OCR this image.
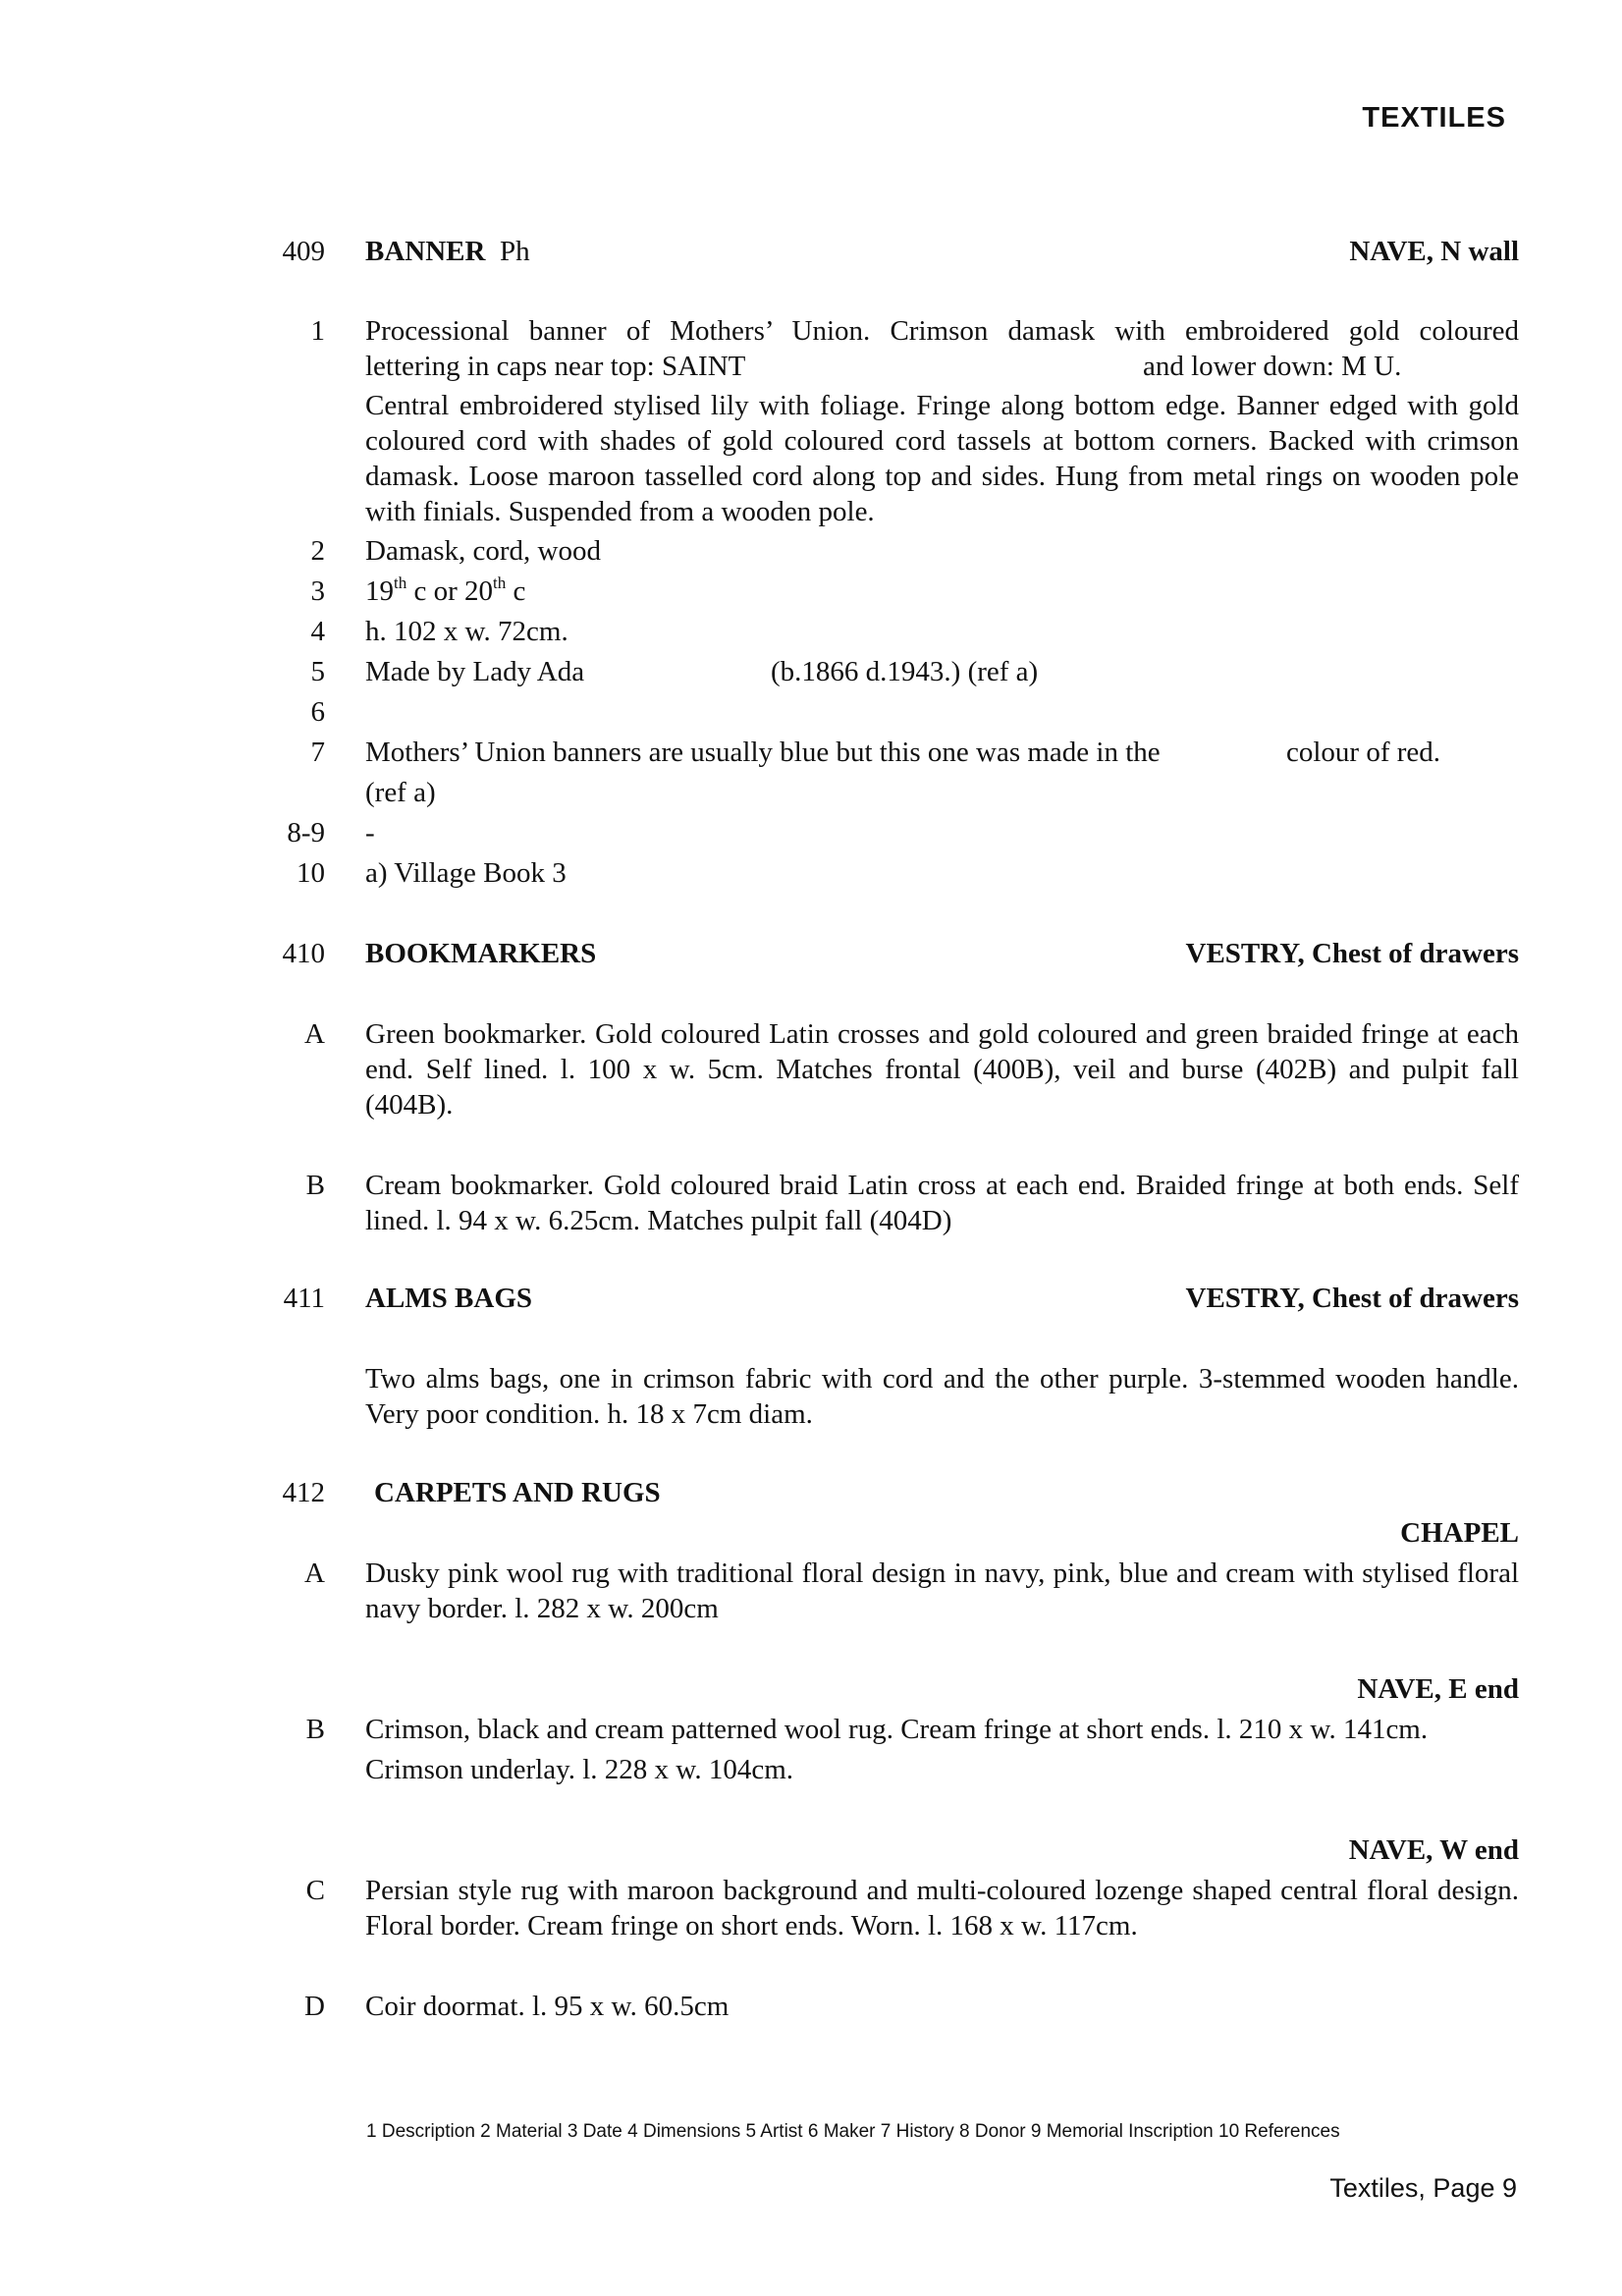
TEXTILES
409 BANNER Ph	NAVE, N wall
1 Processional banner of Mothers’ Union. Crimson damask with embroidered gold coloured
lettering in caps near top: SAINT	and lower down: M U.
Central embroidered stylised lily with foliage. Fringe along bottom edge. Banner edged with gold coloured cord with shades of gold coloured cord tassels at bottom corners. Backed with crimson damask. Loose maroon tasselled cord along top and sides. Hung from metal rings on wooden pole with finials. Suspended from a wooden pole.
2 Damask, cord, wood
3 19th c or 20th c
4 h. 102 x w. 72cm.
5 Made by Lady Ada	(b.1866 d.1943.) (ref a)
6
7 Mothers’ Union banners are usually blue but this one was made in the	colour of red.
(ref a)
8-9 -
10 a) Village Book 3
410 BOOKMARKERS	VESTRY, Chest of drawers
A Green bookmarker. Gold coloured Latin crosses and gold coloured and green braided fringe at each end. Self lined. l. 100 x w. 5cm. Matches frontal (400B), veil and burse (402B) and pulpit fall (404B).
B Cream bookmarker. Gold coloured braid Latin cross at each end. Braided fringe at both ends. Self lined. l. 94 x w. 6.25cm. Matches pulpit fall (404D)
411 ALMS BAGS	VESTRY, Chest of drawers
Two alms bags, one in crimson fabric with cord and the other purple. 3-stemmed wooden handle. Very poor condition. h. 18 x 7cm diam.
412 CARPETS AND RUGS
CHAPEL
A Dusky pink wool rug with traditional floral design in navy, pink, blue and cream with stylised floral navy border. l. 282 x w. 200cm
NAVE, E end
B Crimson, black and cream patterned wool rug. Cream fringe at short ends. l. 210 x w. 141cm.
Crimson underlay. l. 228 x w. 104cm.
NAVE, W end
C Persian style rug with maroon background and multi-coloured lozenge shaped central floral design. Floral border. Cream fringe on short ends. Worn. l. 168 x w. 117cm.
D Coir doormat. l. 95 x w. 60.5cm
1 Description 2 Material 3 Date 4 Dimensions 5 Artist 6 Maker 7 History 8 Donor 9 Memorial Inscription 10 References
Textiles, Page 9
